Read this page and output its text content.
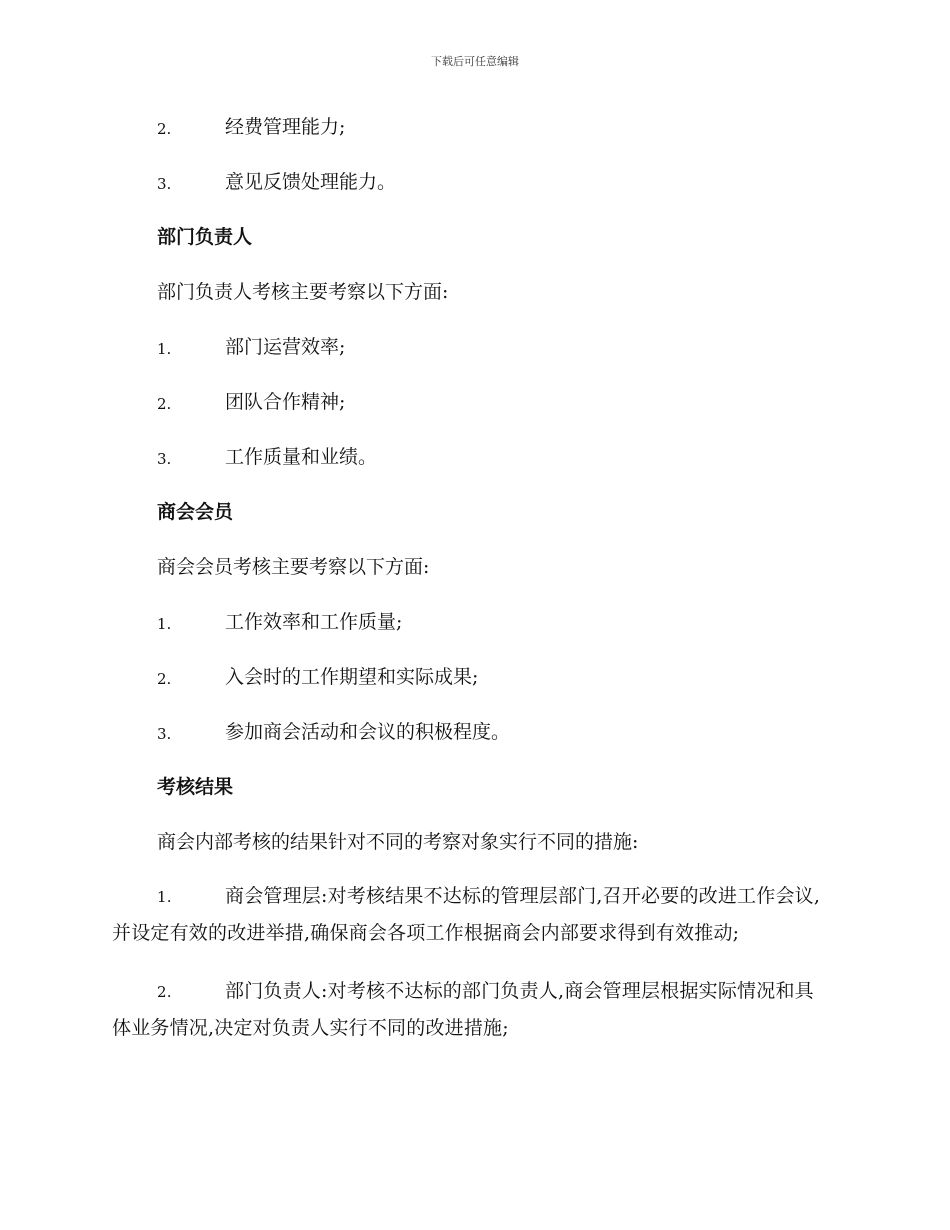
下载后可任意编辑
2.	经费管理能力;
3.	意见反馈处理能力。
部门负责人
部门负责人考核主要考察以下方面:
1.	部门运营效率;
2.	团队合作精神;
3.	工作质量和业绩。
商会会员
商会会员考核主要考察以下方面:
1.	工作效率和工作质量;
2.	入会时的工作期望和实际成果;
3.	参加商会活动和会议的积极程度。
考核结果
商会内部考核的结果针对不同的考察对象实行不同的措施:
1.	商会管理层:对考核结果不达标的管理层部门,召开必要的改进工作会议,并设定有效的改进举措,确保商会各项工作根据商会内部要求得到有效推动;
2.	部门负责人:对考核不达标的部门负责人,商会管理层根据实际情况和具体业务情况,决定对负责人实行不同的改进措施;
